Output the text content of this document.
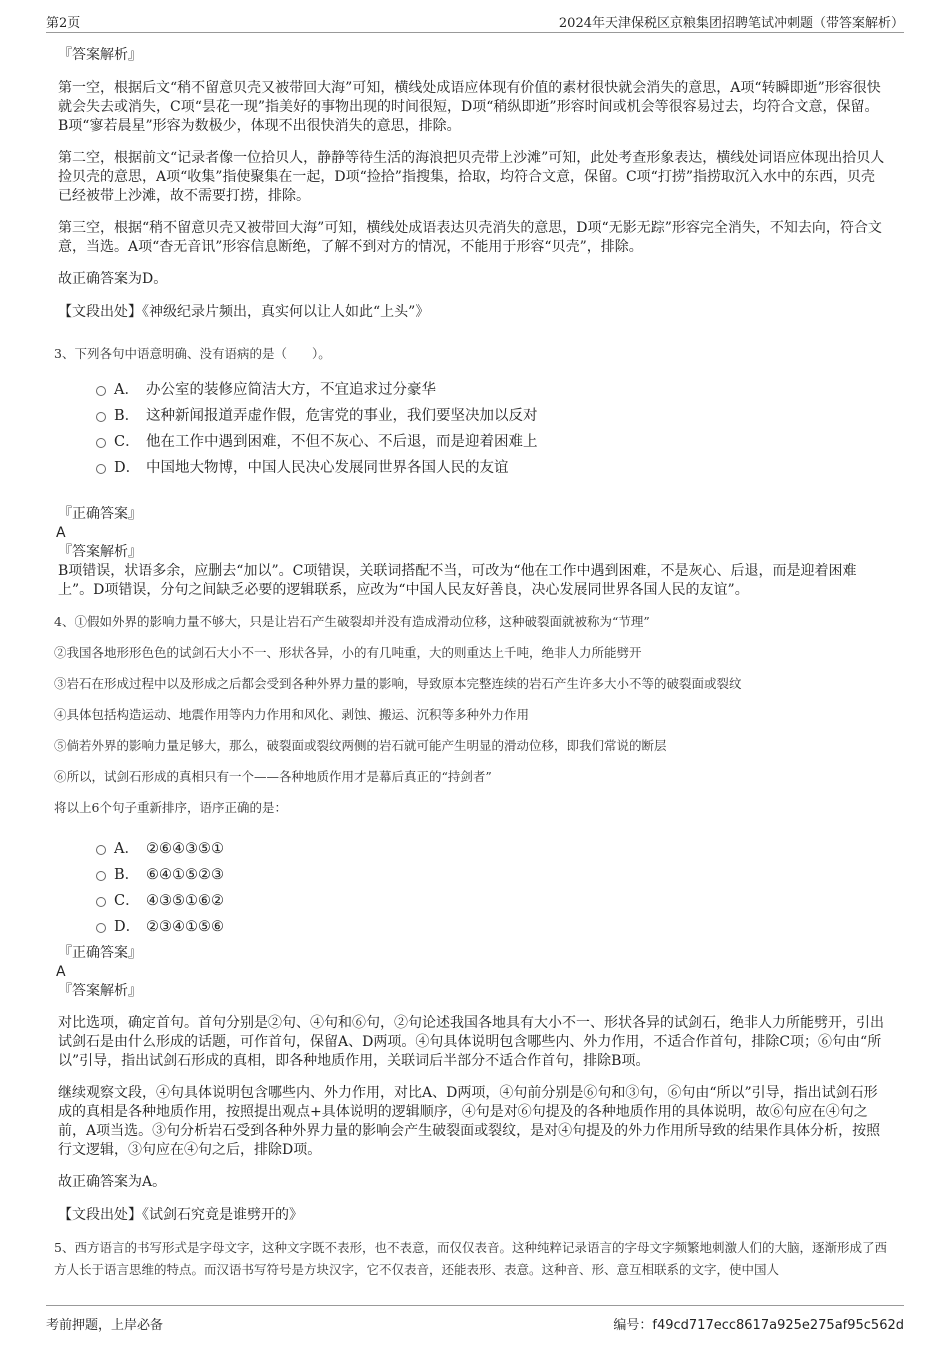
第2页	2024年天津保税区京粮集团招聘笔试冲刺题（带答案解析）

『答案解析』

第一空，根据后文“稍不留意贝壳又被带回大海”可知，横线处成语应体现有价值的素材很快就会消失的意思，A项“转瞬即逝”形容很快就会失去或消失，C项“昙花一现”指美好的事物出现的时间很短，D项“稍纵即逝”形容时间或机会等很容易过去，均符合文意，保留。B项“寥若晨星”形容为数极少，体现不出很快消失的意思，排除。

第二空，根据前文“记录者像一位拾贝人，静静等待生活的海浪把贝壳带上沙滩”可知，此处考查形象表达，横线处词语应体现出拾贝人捡贝壳的意思，A项“收集”指使聚集在一起，D项“捡拾”指搜集，拾取，均符合文意，保留。C项“打捞”指捞取沉入水中的东西，贝壳已经被带上沙滩，故不需要打捞，排除。

第三空，根据“稍不留意贝壳又被带回大海”可知，横线处成语表达贝壳消失的意思，D项“无影无踪”形容完全消失，不知去向，符合文意，当选。A项“杳无音讯”形容信息断绝，了解不到对方的情况，不能用于形容“贝壳”，排除。

故正确答案为D。

【文段出处】《神级纪录片频出，真实何以让人如此“上头”》

3、下列各句中语意明确、没有语病的是（　　）。

A． 办公室的装修应简洁大方，不宜追求过分豪华
B． 这种新闻报道弄虚作假，危害党的事业，我们要坚决加以反对
C． 他在工作中遇到困难，不但不灰心、不后退，而是迎着困难上
D． 中国地大物博，中国人民决心发展同世界各国人民的友谊

『正确答案』

A

『答案解析』

B项错误，状语多余，应删去“加以”。C项错误，关联词搭配不当，可改为“他在工作中遇到困难，不是灰心、后退，而是迎着困难上”。D项错误，分句之间缺乏必要的逻辑联系，应改为“中国人民友好善良，决心发展同世界各国人民的友谊”。

4、①假如外界的影响力量不够大，只是让岩石产生破裂却并没有造成滑动位移，这种破裂面就被称为“节理”

②我国各地形形色色的试剑石大小不一、形状各异，小的有几吨重，大的则重达上千吨，绝非人力所能劈开

③岩石在形成过程中以及形成之后都会受到各种外界力量的影响，导致原本完整连续的岩石产生许多大小不等的破裂面或裂纹

④具体包括构造运动、地震作用等内力作用和风化、剥蚀、搬运、沉积等多种外力作用

⑤倘若外界的影响力量足够大，那么，破裂面或裂纹两侧的岩石就可能产生明显的滑动位移，即我们常说的断层

⑥所以，试剑石形成的真相只有一个——各种地质作用才是幕后真正的“持剑者”

将以上6个句子重新排序，语序正确的是：

A． ②⑥④③⑤①
B． ⑥④①⑤②③
C． ④③⑤①⑥②
D． ②③④①⑤⑥

『正确答案』

A

『答案解析』

对比选项，确定首句。首句分别是②句、④句和⑥句，②句论述我国各地具有大小不一、形状各异的试剑石，绝非人力所能劈开，引出试剑石是由什么形成的话题，可作首句，保留A、D两项。④句具体说明包含哪些内、外力作用，不适合作首句，排除C项；⑥句由“所以”引导，指出试剑石形成的真相，即各种地质作用，关联词后半部分不适合作首句，排除B项。

继续观察文段，④句具体说明包含哪些内、外力作用，对比A、D两项，④句前分别是⑥句和③句，⑥句由“所以”引导，指出试剑石形成的真相是各种地质作用，按照提出观点+具体说明的逻辑顺序，④句是对⑥句提及的各种地质作用的具体说明，故⑥句应在④句之前，A项当选。③句分析岩石受到各种外界力量的影响会产生破裂面或裂纹，是对④句提及的外力作用所导致的结果作具体分析，按照行文逻辑，③句应在④句之后，排除D项。

故正确答案为A。

【文段出处】《试剑石究竟是谁劈开的》

5、西方语言的书写形式是字母文字，这种文字既不表形，也不表意，而仅仅表音。这种纯粹记录语言的字母文字频繁地刺激人们的大脑，逐渐形成了西方人长于语言思维的特点。而汉语书写符号是方块汉字，它不仅表音，还能表形、表意。这种音、形、意互相联系的文字，使中国人

考前押题，上岸必备	编号：f49cd717ecc8617a925e275af95c562d
